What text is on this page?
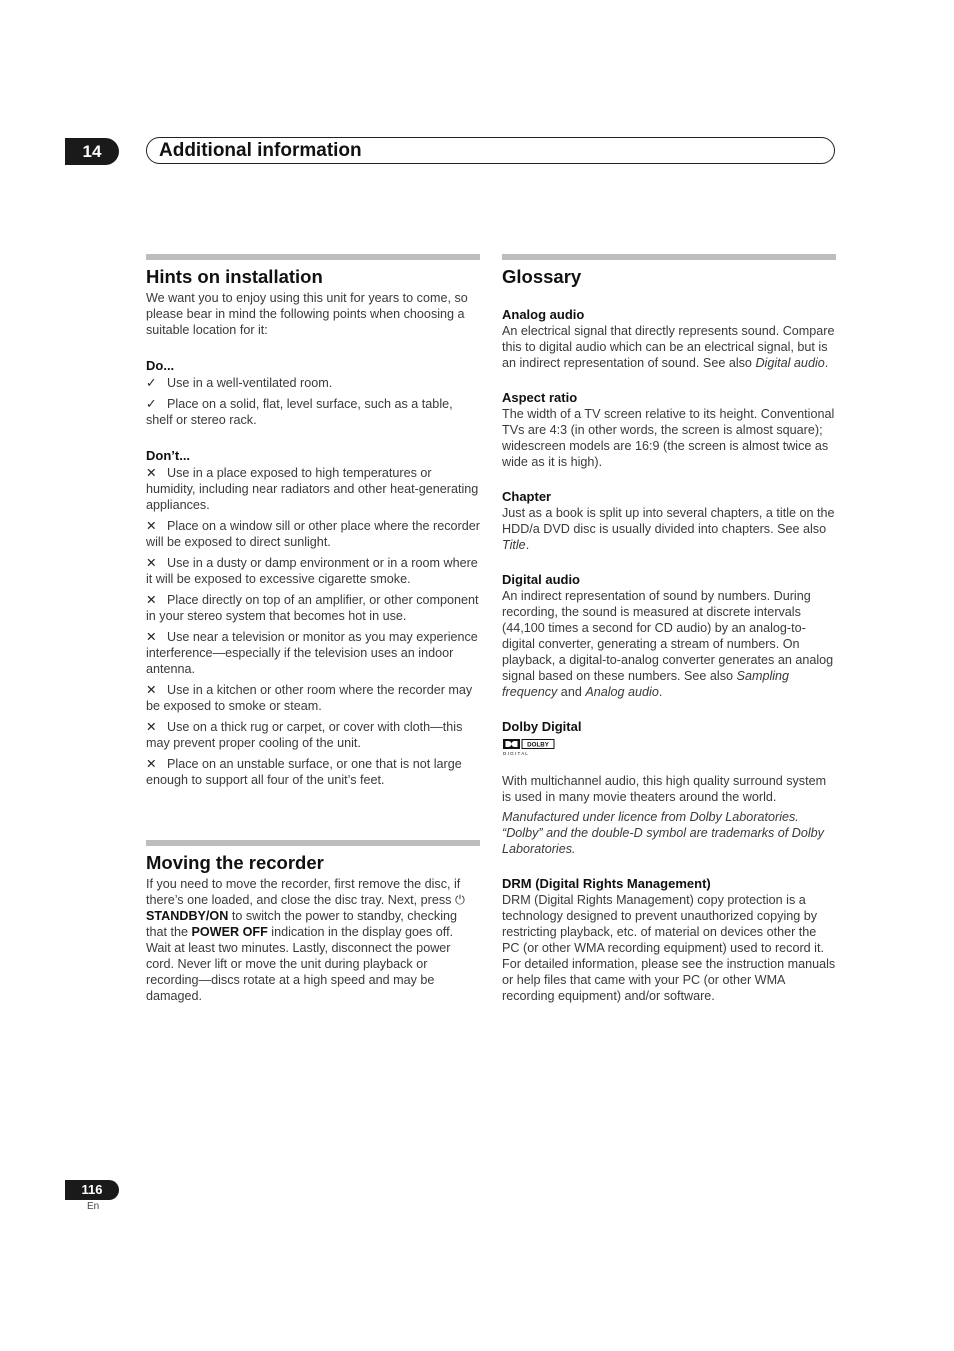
14	Additional information
Hints on installation

We want you to enjoy using this unit for years to come, so please bear in mind the following points when choosing a suitable location for it:

Do...

✓ Use in a well-ventilated room.

✓ Place on a solid, flat, level surface, such as a table, shelf or stereo rack.

Don’t...

✕ Use in a place exposed to high temperatures or humidity, including near radiators and other heat-generating appliances.

✕ Place on a window sill or other place where the recorder will be exposed to direct sunlight.

✕ Use in a dusty or damp environment or in a room where it will be exposed to excessive cigarette smoke.

✕ Place directly on top of an amplifier, or other component in your stereo system that becomes hot in use.

✕ Use near a television or monitor as you may experience interference—especially if the television uses an indoor antenna.

✕ Use in a kitchen or other room where the recorder may be exposed to smoke or steam.

✕ Use on a thick rug or carpet, or cover with cloth—this may prevent proper cooling of the unit.

✕ Place on an unstable surface, or one that is not large enough to support all four of the unit’s feet.

Moving the recorder

If you need to move the recorder, first remove the disc, if there’s one loaded, and close the disc tray. Next, press ⏻
STANDBY/ON to switch the power to standby, checking that the POWER OFF indication in the display goes off. Wait at least two minutes. Lastly, disconnect the power cord. Never lift or move the unit during playback or recording—discs rotate at a high speed and may be damaged.

Glossary

Analog audio

An electrical signal that directly represents sound. Compare this to digital audio which can be an electrical signal, but is an indirect representation of sound. See also Digital audio.

Aspect ratio

The width of a TV screen relative to its height. Conventional TVs are 4:3 (in other words, the screen is almost square); widescreen models are 16:9 (the screen is almost twice as wide as it is high).

Chapter

Just as a book is split up into several chapters, a title on the HDD/a DVD disc is usually divided into chapters. See also Title.

Digital audio

An indirect representation of sound by numbers. During recording, the sound is measured at discrete intervals (44,100 times a second for CD audio) by an analog-to-digital converter, generating a stream of numbers. On playback, a digital-to-analog converter generates an analog signal based on these numbers. See also Sampling frequency and Analog audio.

Dolby Digital

DOLBY
D I G I T A L

With multichannel audio, this high quality surround system is used in many movie theaters around the world.

Manufactured under licence from Dolby Laboratories. “Dolby” and the double-D symbol are trademarks of Dolby Laboratories.

DRM (Digital Rights Management)

DRM (Digital Rights Management) copy protection is a technology designed to prevent unauthorized copying by restricting playback, etc. of material on devices other the PC (or other WMA recording equipment) used to record it. For detailed information, please see the instruction manuals or help files that came with your PC (or other WMA recording equipment) and/or software.

116
En
